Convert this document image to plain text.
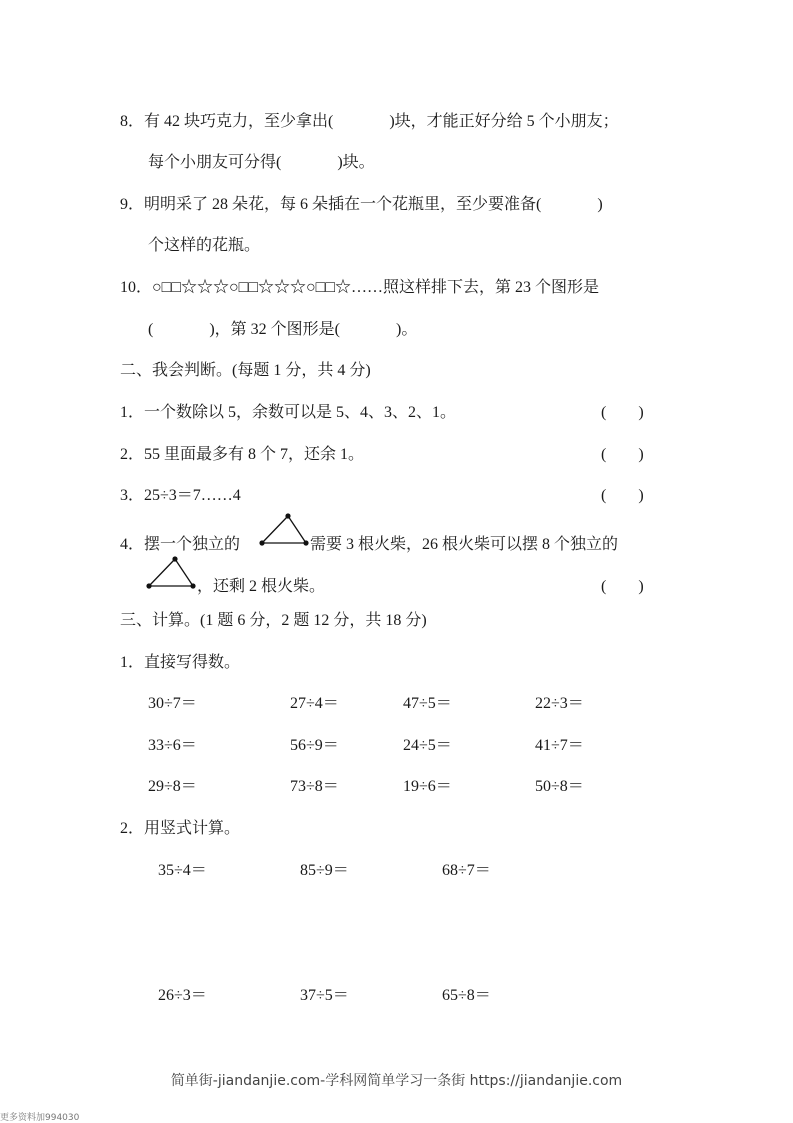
8．有 42 块巧克力，至少拿出(	)块，才能正好分给 5 个小朋友；
每个小朋友可分得(	)块。
9．明明采了 28 朵花，每 6 朵插在一个花瓶里，至少要准备(	)
个这样的花瓶。
10．○□□☆☆☆○□□☆☆☆○□□☆……照这样排下去，第 23 个图形是
(	)，第 32 个图形是(	)。
二、我会判断。(每题 1 分，共 4 分)
1．一个数除以 5，余数可以是 5、4、3、2、1。	(　　)
2．55 里面最多有 8 个 7，还余 1。	(　　)
3．25÷3＝7……4	(　　)
4．摆一个独立的	需要 3 根火柴，26 根火柴可以摆 8 个独立的
，还剩 2 根火柴。	(　　)
三、计算。(1 题 6 分，2 题 12 分，共 18 分)
1．直接写得数。
30÷7＝	27÷4＝	47÷5＝	22÷3＝
33÷6＝	56÷9＝	24÷5＝	41÷7＝
29÷8＝	73÷8＝	19÷6＝	50÷8＝
2．用竖式计算。
35÷4＝	85÷9＝	68÷7＝
26÷3＝	37÷5＝	65÷8＝
简单街-jiandanjie.com-学科网简单学习一条街 https://jiandanjie.com
更多资料加994030
